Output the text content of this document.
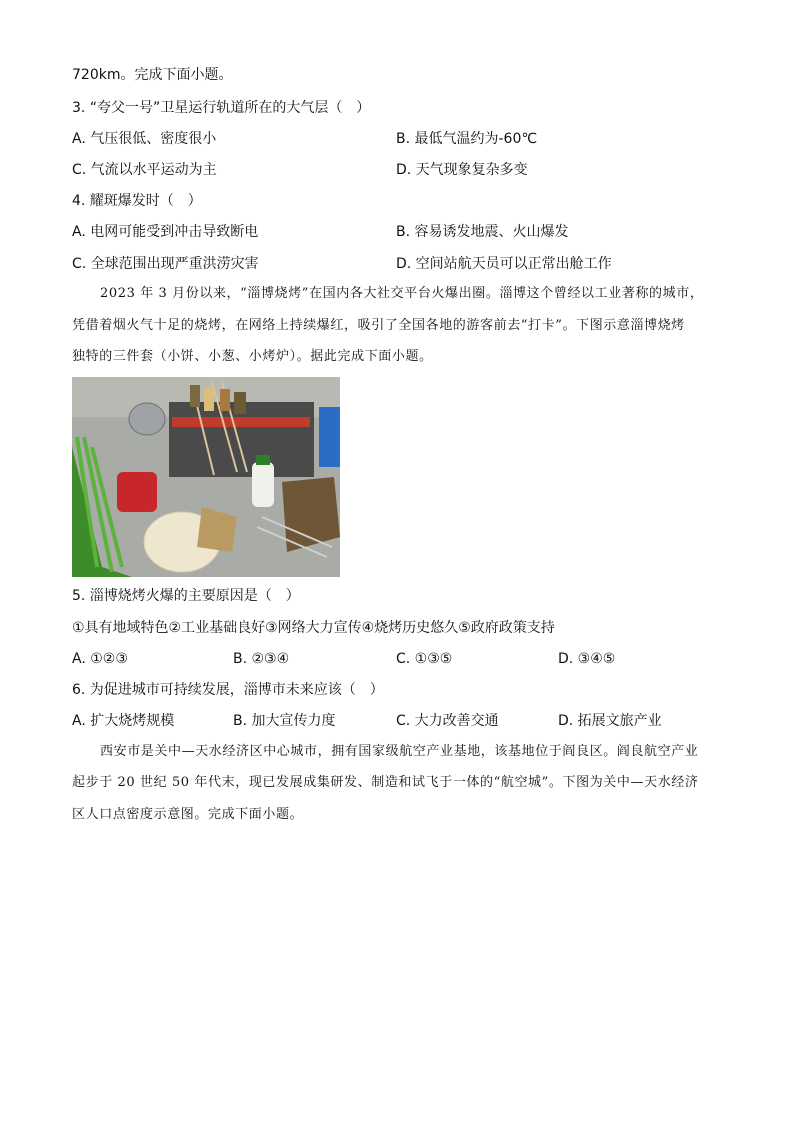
720km。完成下面小题。
3. “夸父一号”卫星运行轨道所在的大气层（　）
A. 气压很低、密度很小	B. 最低气温约为-60℃
C. 气流以水平运动为主	D. 天气现象复杂多变
4. 耀斑爆发时（　）
A. 电网可能受到冲击导致断电	B. 容易诱发地震、火山爆发
C. 全球范围出现严重洪涝灾害	D. 空间站航天员可以正常出舱工作
2023 年 3 月份以来，“淄博烧烤”在国内各大社交平台火爆出圈。淄博这个曾经以工业著称的城市，
凭借着烟火气十足的烧烤，在网络上持续爆红，吸引了全国各地的游客前去“打卡”。下图示意淄博烧烤
独特的三件套（小饼、小葱、小烤炉）。据此完成下面小题。
5. 淄博烧烤火爆的主要原因是（　）
①具有地域特色②工业基础良好③网络大力宣传④烧烤历史悠久⑤政府政策支持
A. ①②③	B. ②③④	C. ①③⑤	D. ③④⑤
6. 为促进城市可持续发展，淄博市未来应该（　）
A. 扩大烧烤规模	B. 加大宣传力度	C. 大力改善交通	D. 拓展文旅产业
西安市是关中—天水经济区中心城市，拥有国家级航空产业基地，该基地位于阎良区。阎良航空产业
起步于 20 世纪 50 年代末，现已发展成集研发、制造和试飞于一体的“航空城”。下图为关中—天水经济
区人口点密度示意图。完成下面小题。
